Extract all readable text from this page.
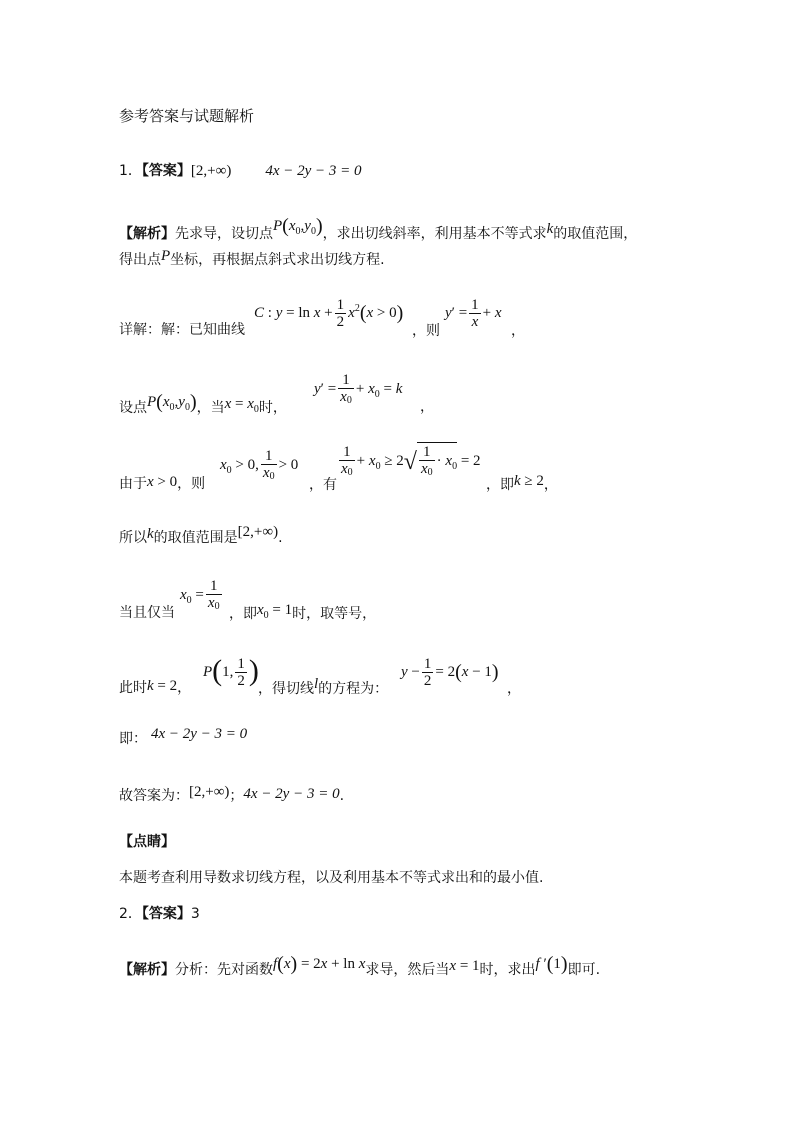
参考答案与试题解析
1．【答案】[2,+∞) 4x − 2y − 3 = 0
【解析】先求导，设切点$P(x_0,y_0)$，求出切线斜率，利用基本不等式求k的取值范围，
得出点P坐标，再根据点斜式求出切线方程.
详解：解：已知曲线
C : $y = \ln x + \frac{1}{2} x^2(x > 0)$
，则
$y' = \frac{1}{x} + x$
，
设点$P(x_0,y_0)$，当$x = x_0$时，
$y' = \frac{1}{x0} + x_0 = k$
，
由于x > 0，则
$x_0 > 0$, $\frac{1}{x0} > 0$
，有
$\frac{1}{x0} + x_0 \ge 2√ \frac{1}{x0} \cdot x_0 = 2$
，即k ≥ 2，
所以k的取值范围是[2,+∞).
当且仅当
$x_0 = \frac{1}{x0}$
，即$x_0 = 1$时，取等号，
此时k = 2，
P(1, $\frac{1}{2}$ )
，得切线l的方程为：
$y - \frac{1}{2} = 2(x - 1)$
，
即： 4x − 2y − 3 = 0
故答案为：[2,+∞)；4x − 2y − 3 = 0.
【点睛】
本题考查利用导数求切线方程，以及利用基本不等式求出和的最小值.
2．【答案】3
【解析】分析：先对函数f(x) = 2x + ln x求导，然后当x = 1时，求出f ′(1)即可.
